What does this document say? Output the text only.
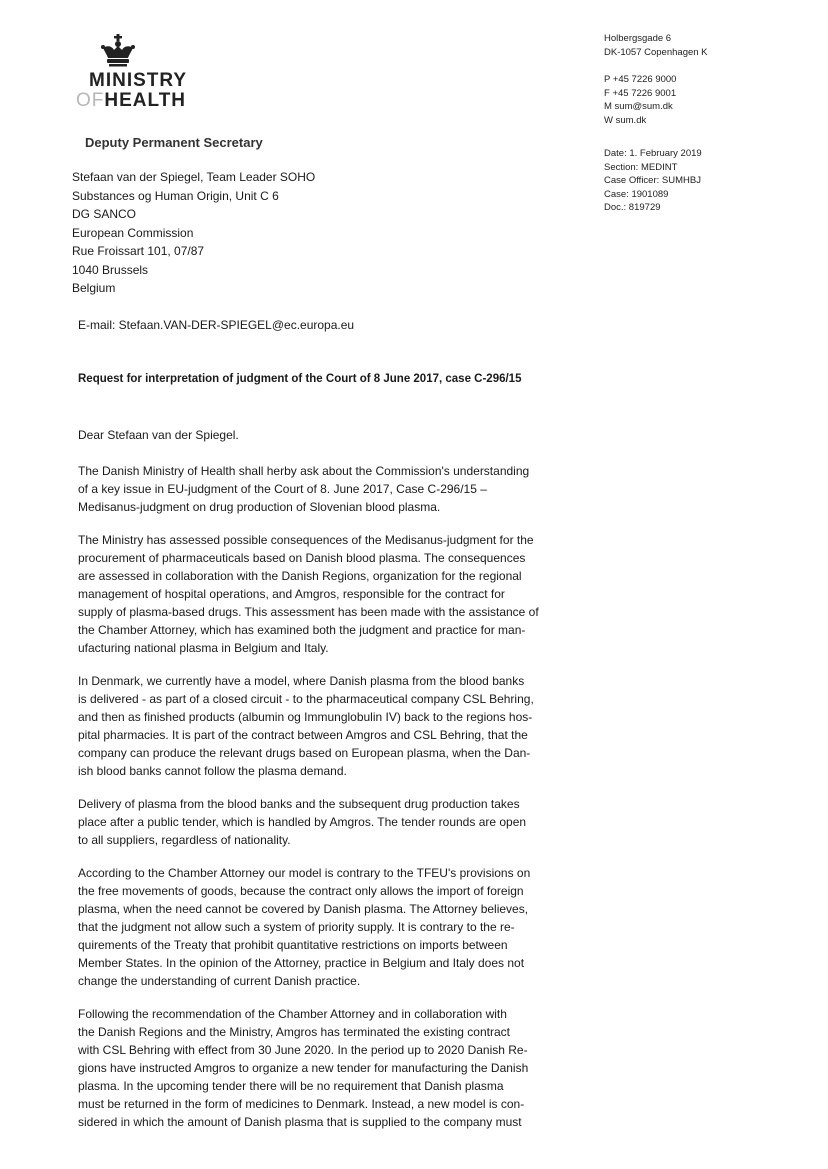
MINISTRY
OFHEALTH
Deputy Permanent Secretary
Holbergsgade 6
DK-1057 Copenhagen K
P +45 7226 9000
F +45 7226 9001
M sum@sum.dk
W sum.dk
Date: 1. February 2019
Section: MEDINT
Case Officer: SUMHBJ
Case: 1901089
Doc.: 819729
Stefaan van der Spiegel, Team Leader SOHO
Substances og Human Origin, Unit C 6
DG SANCO
European Commission
Rue Froissart 101, 07/87
1040 Brussels
Belgium
E-mail: Stefaan.VAN-DER-SPIEGEL@ec.europa.eu
Request for interpretation of judgment of the Court of 8 June 2017, case C-296/15
Dear Stefaan van der Spiegel.

The Danish Ministry of Health shall herby ask about the Commission's understanding
of a key issue in EU-judgment of the Court of 8. June 2017, Case C-296/15 –
Medisanus-judgment on drug production of Slovenian blood plasma.

The Ministry has assessed possible consequences of the Medisanus-judgment for the
procurement of pharmaceuticals based on Danish blood plasma. The consequences
are assessed in collaboration with the Danish Regions, organization for the regional
management of hospital operations, and Amgros, responsible for the contract for
supply of plasma-based drugs. This assessment has been made with the assistance of
the Chamber Attorney, which has examined both the judgment and practice for man-
ufacturing national plasma in Belgium and Italy.

In Denmark, we currently have a model, where Danish plasma from the blood banks
is delivered - as part of a closed circuit - to the pharmaceutical company CSL Behring,
and then as finished products (albumin og Immunglobulin IV) back to the regions hos-
pital pharmacies. It is part of the contract between Amgros and CSL Behring, that the
company can produce the relevant drugs based on European plasma, when the Dan-
ish blood banks cannot follow the plasma demand.

Delivery of plasma from the blood banks and the subsequent drug production takes
place after a public tender, which is handled by Amgros. The tender rounds are open
to all suppliers, regardless of nationality.

According to the Chamber Attorney our model is contrary to the TFEU's provisions on
the free movements of goods, because the contract only allows the import of foreign
plasma, when the need cannot be covered by Danish plasma. The Attorney believes,
that the judgment not allow such a system of priority supply. It is contrary to the re-
quirements of the Treaty that prohibit quantitative restrictions on imports between
Member States. In the opinion of the Attorney, practice in Belgium and Italy does not
change the understanding of current Danish practice.

Following the recommendation of the Chamber Attorney and in collaboration with
the Danish Regions and the Ministry, Amgros has terminated the existing contract
with CSL Behring with effect from 30 June 2020. In the period up to 2020 Danish Re-
gions have instructed Amgros to organize a new tender for manufacturing the Danish
plasma. In the upcoming tender there will be no requirement that Danish plasma
must be returned in the form of medicines to Denmark. Instead, a new model is con-
sidered in which the amount of Danish plasma that is supplied to the company must
